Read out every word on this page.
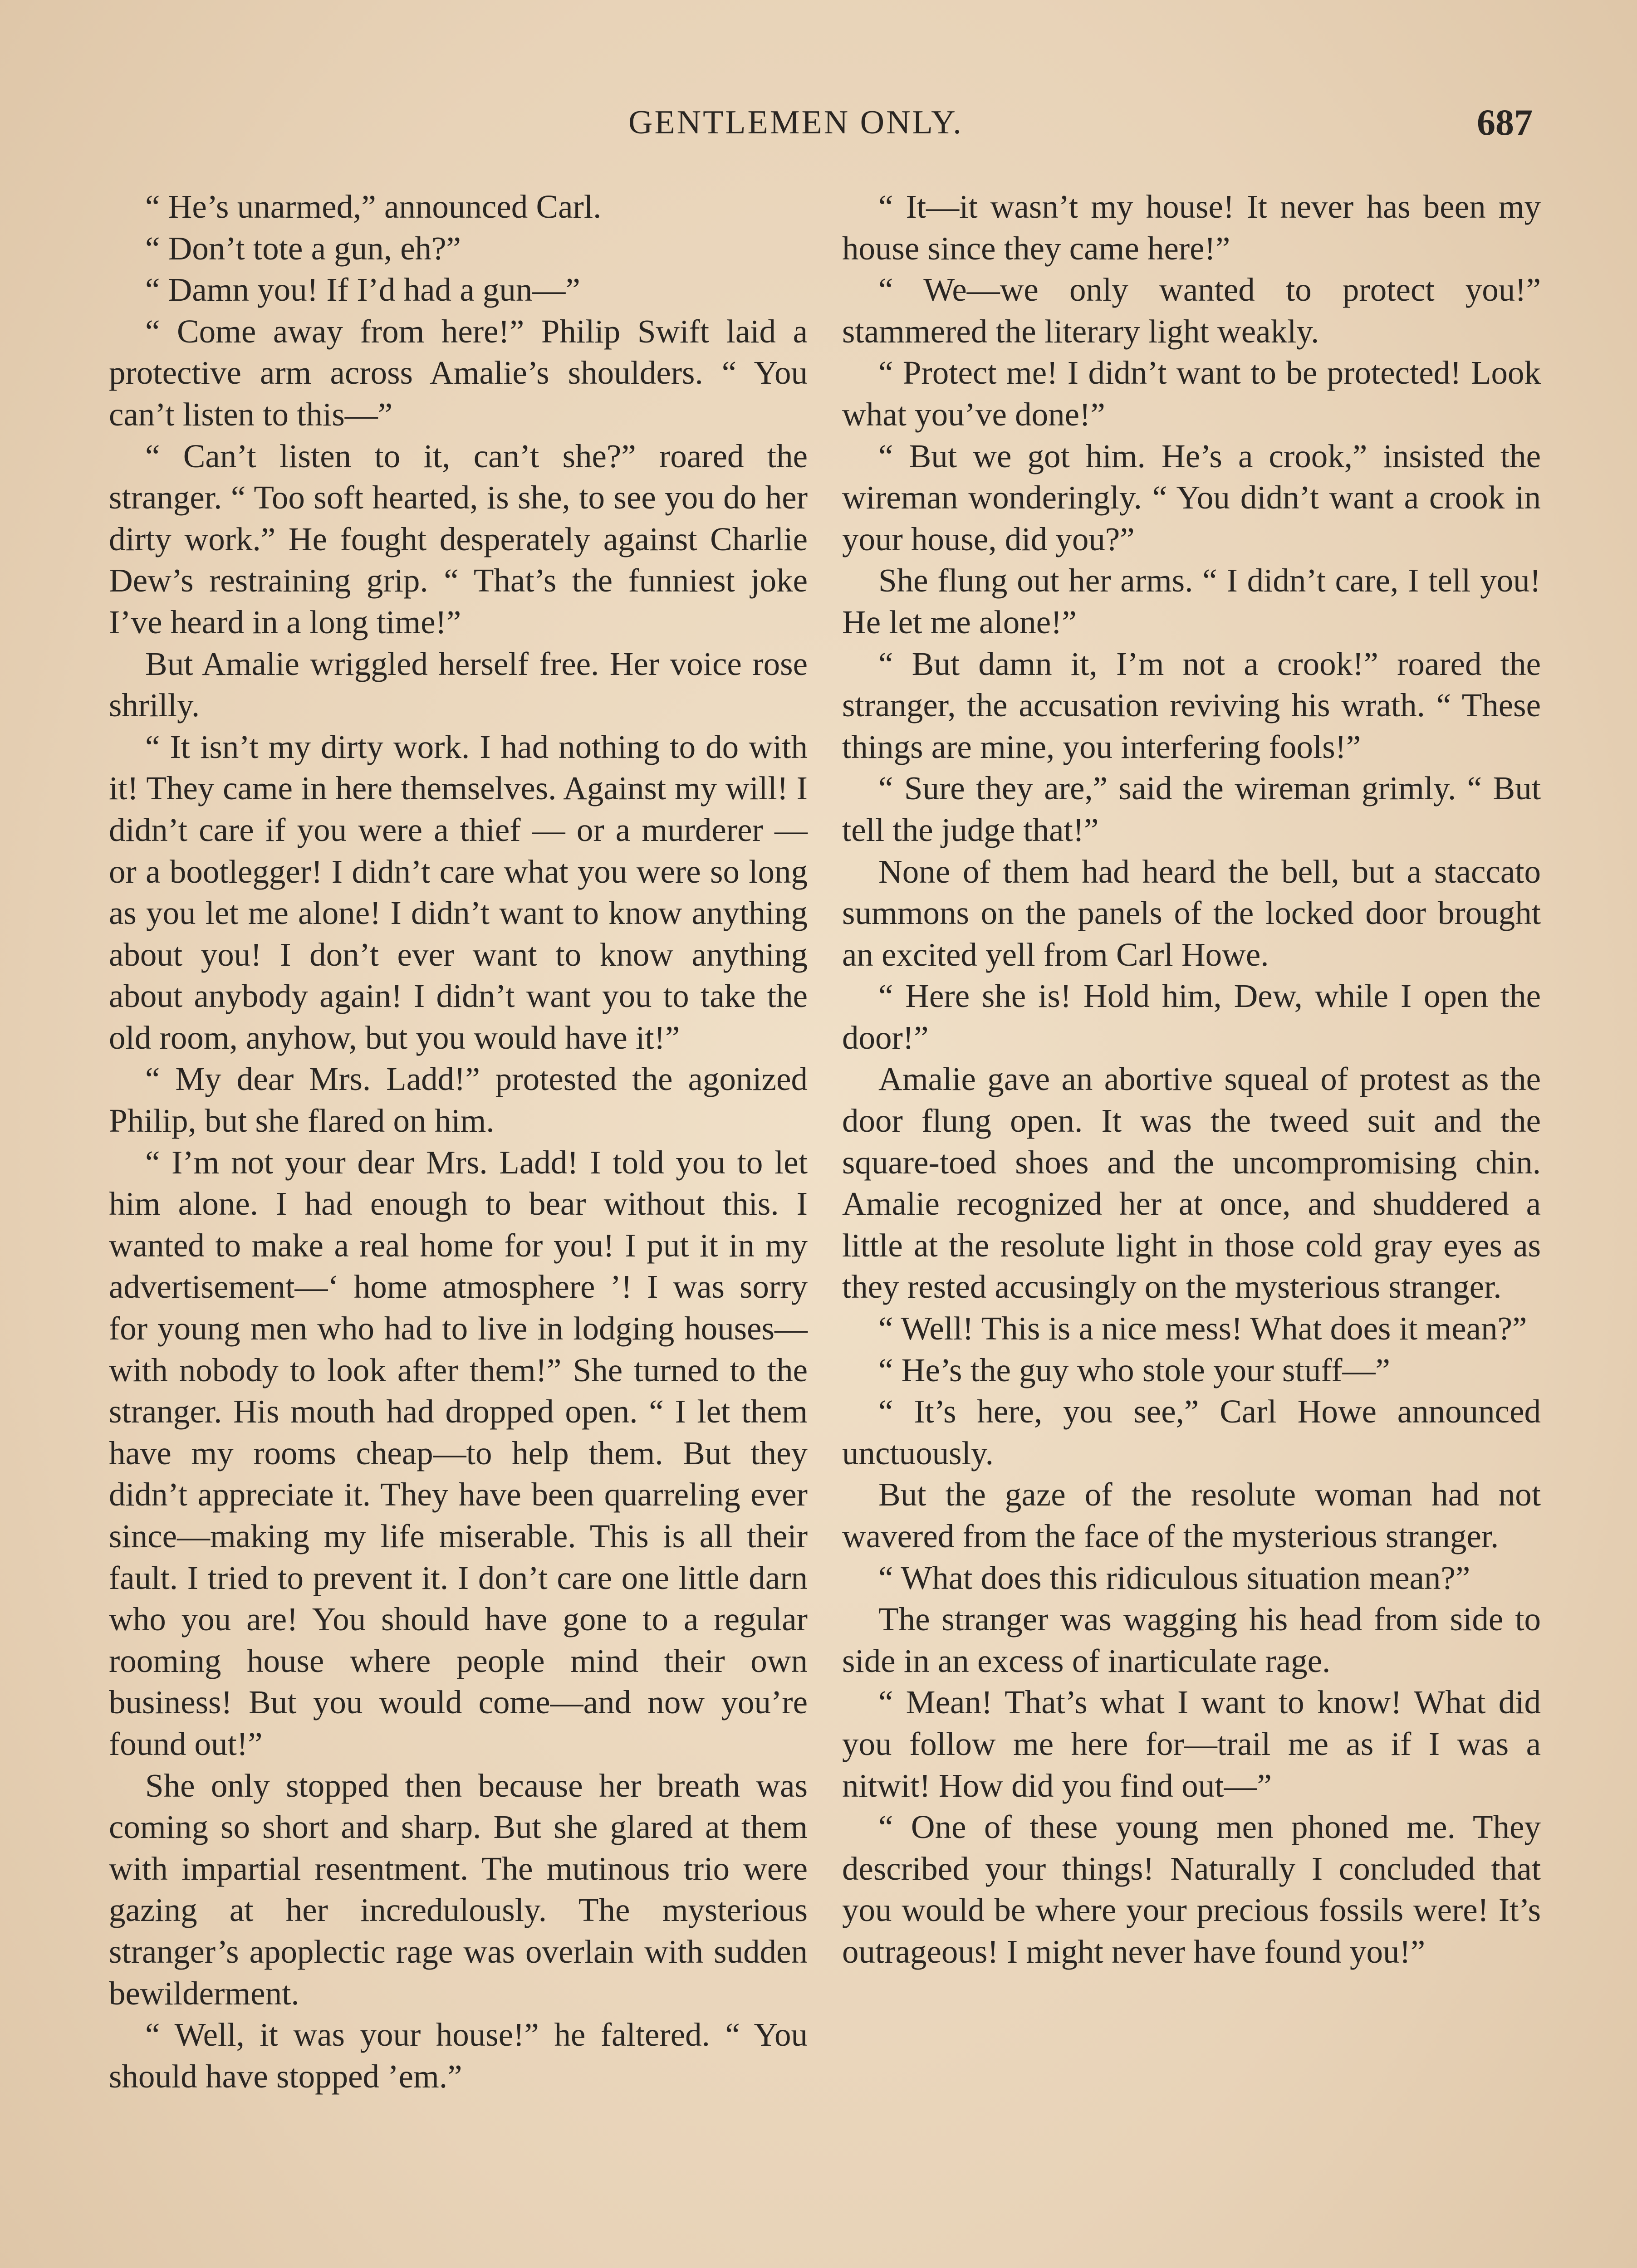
GENTLEMEN ONLY.	687

“ He’s unarmed,” announced Carl.

“ Don’t tote a gun, eh?”

“ Damn you! If I’d had a gun—”

“ Come away from here!” Philip Swift laid a protective arm across Amalie’s shoulders. “ You can’t listen to this—”

“ Can’t listen to it, can’t she?” roared the stranger. “ Too soft hearted, is she, to see you do her dirty work.” He fought desperately against Charlie Dew’s restraining grip. “ That’s the funniest joke I’ve heard in a long time!”

But Amalie wriggled herself free. Her voice rose shrilly.

“ It isn’t my dirty work. I had nothing to do with it! They came in here themselves. Against my will! I didn’t care if you were a thief — or a murderer — or a bootlegger! I didn’t care what you were so long as you let me alone! I didn’t want to know anything about you! I don’t ever want to know anything about anybody again! I didn’t want you to take the old room, anyhow, but you would have it!”

“ My dear Mrs. Ladd!” protested the agonized Philip, but she flared on him.

“ I’m not your dear Mrs. Ladd! I told you to let him alone. I had enough to bear without this. I wanted to make a real home for you! I put it in my advertisement—‘ home atmosphere ’! I was sorry for young men who had to live in lodging houses—with nobody to look after them!” She turned to the stranger. His mouth had dropped open. “ I let them have my rooms cheap—to help them. But they didn’t appreciate it. They have been quarreling ever since—making my life miserable. This is all their fault. I tried to prevent it. I don’t care one little darn who you are! You should have gone to a regular rooming house where people mind their own business! But you would come—and now you’re found out!”

She only stopped then because her breath was coming so short and sharp. But she glared at them with impartial resentment. The mutinous trio were gazing at her incredulously. The mysterious stranger’s apoplectic rage was overlain with sudden bewilderment.

“ Well, it was your house!” he faltered. “ You should have stopped ’em.”

“ It—it wasn’t my house! It never has been my house since they came here!”

“ We—we only wanted to protect you!” stammered the literary light weakly.

“ Protect me! I didn’t want to be protected! Look what you’ve done!”

“ But we got him. He’s a crook,” insisted the wireman wonderingly. “ You didn’t want a crook in your house, did you?”

She flung out her arms. “ I didn’t care, I tell you! He let me alone!”

“ But damn it, I’m not a crook!” roared the stranger, the accusation reviving his wrath. “ These things are mine, you interfering fools!”

“ Sure they are,” said the wireman grimly. “ But tell the judge that!”

None of them had heard the bell, but a staccato summons on the panels of the locked door brought an excited yell from Carl Howe.

“ Here she is! Hold him, Dew, while I open the door!”

Amalie gave an abortive squeal of protest as the door flung open. It was the tweed suit and the square-toed shoes and the uncompromising chin. Amalie recognized her at once, and shuddered a little at the resolute light in those cold gray eyes as they rested accusingly on the mysterious stranger.

“ Well! This is a nice mess! What does it mean?”

“ He’s the guy who stole your stuff—”

“ It’s here, you see,” Carl Howe announced unctuously.

But the gaze of the resolute woman had not wavered from the face of the mysterious stranger.

“ What does this ridiculous situation mean?”

The stranger was wagging his head from side to side in an excess of inarticulate rage.

“ Mean! That’s what I want to know! What did you follow me here for—trail me as if I was a nitwit! How did you find out—”

“ One of these young men phoned me. They described your things! Naturally I concluded that you would be where your precious fossils were! It’s outrageous! I might never have found you!”
